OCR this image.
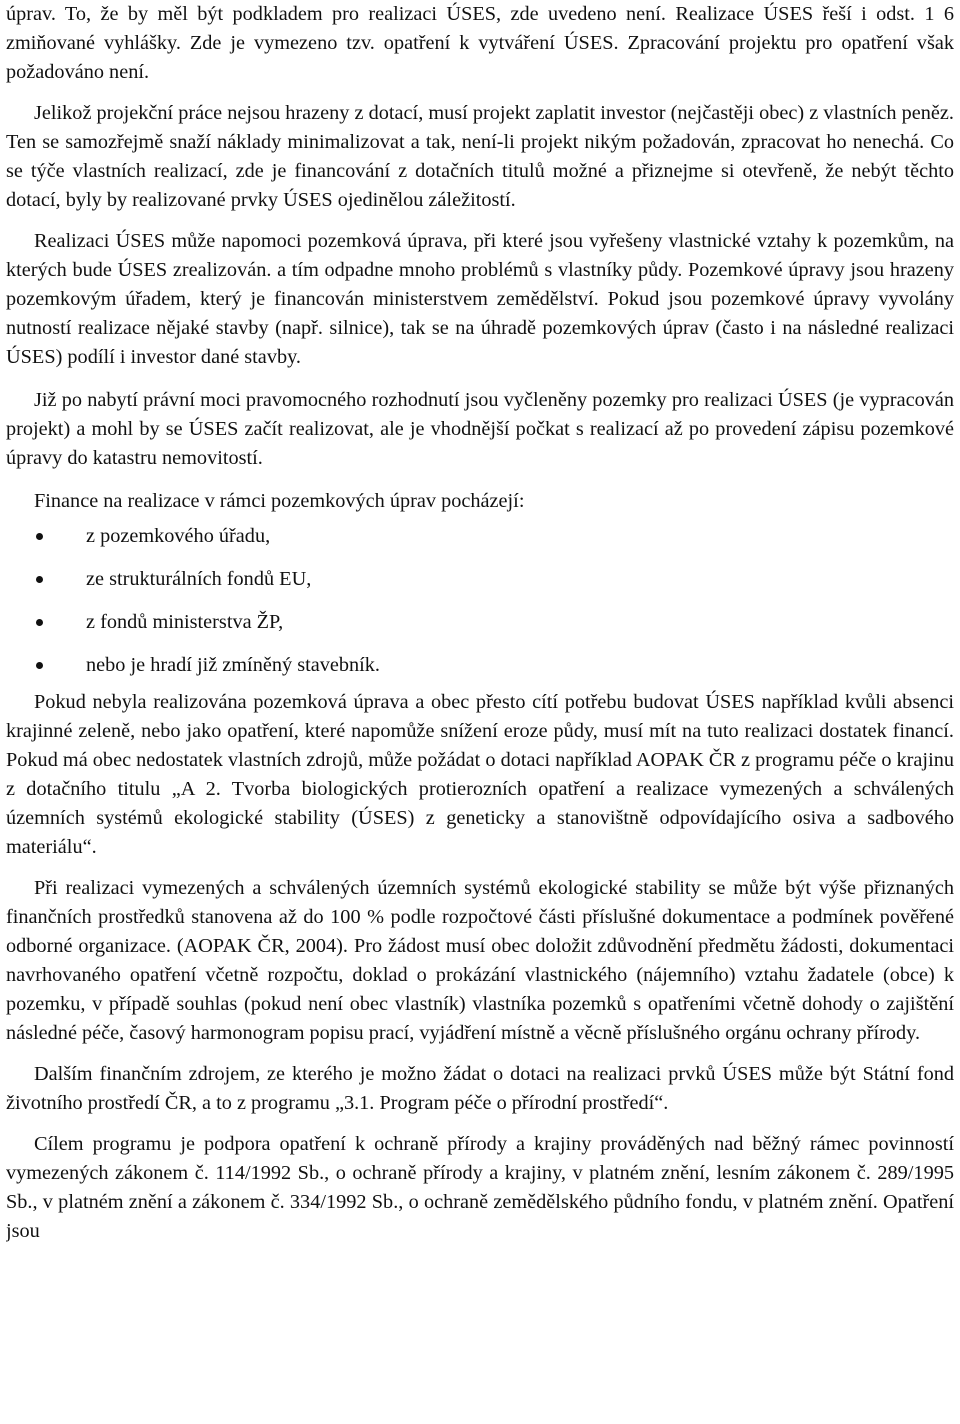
úprav. To, že by měl být podkladem pro realizaci ÚSES, zde uvedeno není. Realizace ÚSES řeší i odst. 1 6 zmiňované vyhlášky. Zde je vymezeno tzv. opatření k vytváření ÚSES. Zpracování projektu pro opatření však požadováno není.

Jelikož projekční práce nejsou hrazeny z dotací, musí projekt zaplatit investor (nejčastěji obec) z vlastních peněz. Ten se samozřejmě snaží náklady minimalizovat a tak, není-li projekt nikým požadován, zpracovat ho nenechá. Co se týče vlastních realizací, zde je financování z dotačních titulů možné a přiznejme si otevřeně, že nebýt těchto dotací, byly by realizované prvky ÚSES ojedinělou záležitostí.

Realizaci ÚSES může napomoci pozemková úprava, při které jsou vyřešeny vlastnické vztahy k pozemkům, na kterých bude ÚSES zrealizován. a tím odpadne mnoho problémů s vlastníky půdy. Pozemkové úpravy jsou hrazeny pozemkovým úřadem, který je financován ministerstvem zemědělství. Pokud jsou pozemkové úpravy vyvolány nutností realizace nějaké stavby (např. silnice), tak se na úhradě pozemkových úprav (často i na následné realizaci ÚSES) podílí i investor dané stavby.

Již po nabytí právní moci pravomocného rozhodnutí jsou vyčleněny pozemky pro realizaci ÚSES (je vypracován projekt) a mohl by se ÚSES začít realizovat, ale je vhodnější počkat s realizací až po provedení zápisu pozemkové úpravy do katastru nemovitostí.

Finance na realizace v rámci pozemkových úprav pocházejí:

z pozemkového úřadu,
ze strukturálních fondů EU,
z fondů ministerstva ŽP,
nebo je hradí již zmíněný stavebník.

Pokud nebyla realizována pozemková úprava a obec přesto cítí potřebu budovat ÚSES například kvůli absenci krajinné zeleně, nebo jako opatření, které napomůže snížení eroze půdy, musí mít na tuto realizaci dostatek financí. Pokud má obec nedostatek vlastních zdrojů, může požádat o dotaci například AOPAK ČR z programu péče o krajinu z dotačního titulu „A 2. Tvorba biologických protierozních opatření a realizace vymezených a schválených územních systémů ekologické stability (ÚSES) z geneticky a stanovištně odpovídajícího osiva a sadbového materiálu“.

Při realizaci vymezených a schválených územních systémů ekologické stability se může být výše přiznaných finančních prostředků stanovena až do 100 % podle rozpočtové části příslušné dokumentace a podmínek pověřené odborné organizace. (AOPAK ČR, 2004). Pro žádost musí obec doložit zdůvodnění předmětu žádosti, dokumentaci navrhovaného opatření včetně rozpočtu, doklad o prokázání vlastnického (nájemního) vztahu žadatele (obce) k pozemku, v případě souhlas (pokud není obec vlastník) vlastníka pozemků s opatřeními včetně dohody o zajištění následné péče, časový harmonogram popisu prací, vyjádření místně a věcně příslušného orgánu ochrany přírody.

Dalším finančním zdrojem, ze kterého je možno žádat o dotaci na realizaci prvků ÚSES může být Státní fond životního prostředí ČR, a to z programu „3.1. Program péče o přírodní prostředí“.

Cílem programu je podpora opatření k ochraně přírody a krajiny prováděných nad běžný rámec povinností vymezených zákonem č. 114/1992 Sb., o ochraně přírody a krajiny, v platném znění, lesním zákonem č. 289/1995 Sb., v platném znění a zákonem č. 334/1992 Sb., o ochraně zemědělského půdního fondu, v platném znění. Opatření jsou
